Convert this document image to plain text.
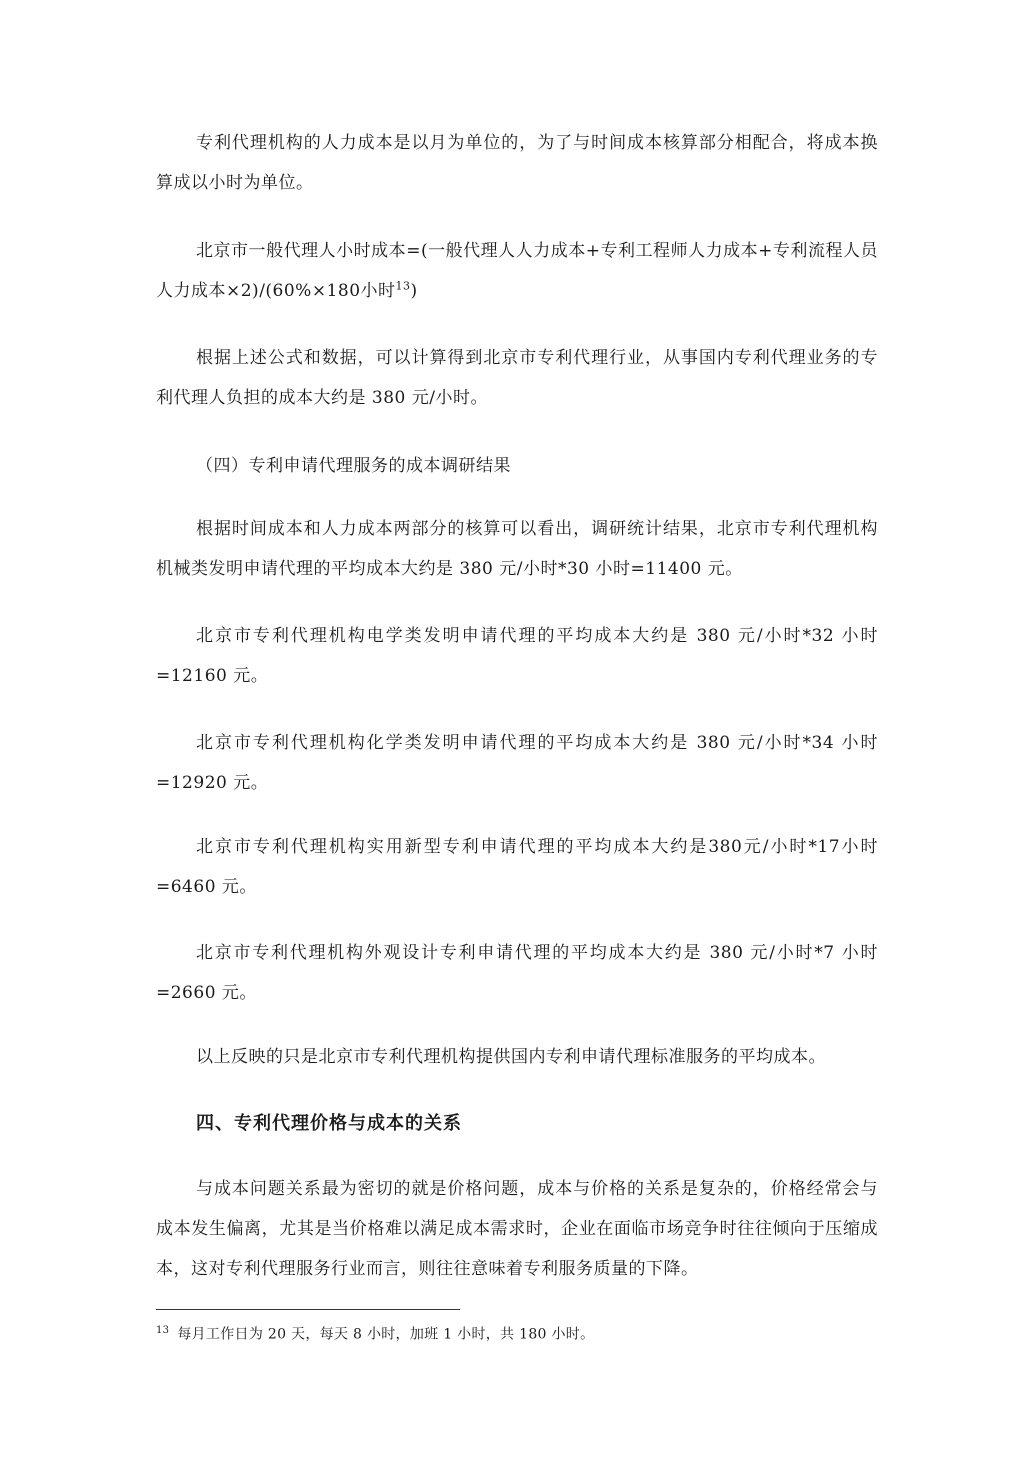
专利代理机构的人力成本是以月为单位的，为了与时间成本核算部分相配合，将成本换算成以小时为单位。

北京市一般代理人小时成本=(一般代理人人力成本+专利工程师人力成本+专利流程人员人力成本×2)/(60%×180小时$^{13}$)

根据上述公式和数据，可以计算得到北京市专利代理行业，从事国内专利代理业务的专利代理人负担的成本大约是 380 元/小时。

（四）专利申请代理服务的成本调研结果

根据时间成本和人力成本两部分的核算可以看出，调研统计结果，北京市专利代理机构机械类发明申请代理的平均成本大约是 380 元/小时*30 小时=11400 元。

北京市专利代理机构电学类发明申请代理的平均成本大约是 380 元/小时*32 小时=12160 元。

北京市专利代理机构化学类发明申请代理的平均成本大约是 380 元/小时*34 小时=12920 元。

北京市专利代理机构实用新型专利申请代理的平均成本大约是380元/小时*17小时=6460 元。

北京市专利代理机构外观设计专利申请代理的平均成本大约是 380 元/小时*7 小时=2660 元。

以上反映的只是北京市专利代理机构提供国内专利申请代理标准服务的平均成本。

四、专利代理价格与成本的关系

与成本问题关系最为密切的就是价格问题，成本与价格的关系是复杂的，价格经常会与成本发生偏离，尤其是当价格难以满足成本需求时，企业在面临市场竞争时往往倾向于压缩成本，这对专利代理服务行业而言，则往往意味着专利服务质量的下降。

$^{13}$ 每月工作日为 20 天，每天 8 小时，加班 1 小时，共 180 小时。
